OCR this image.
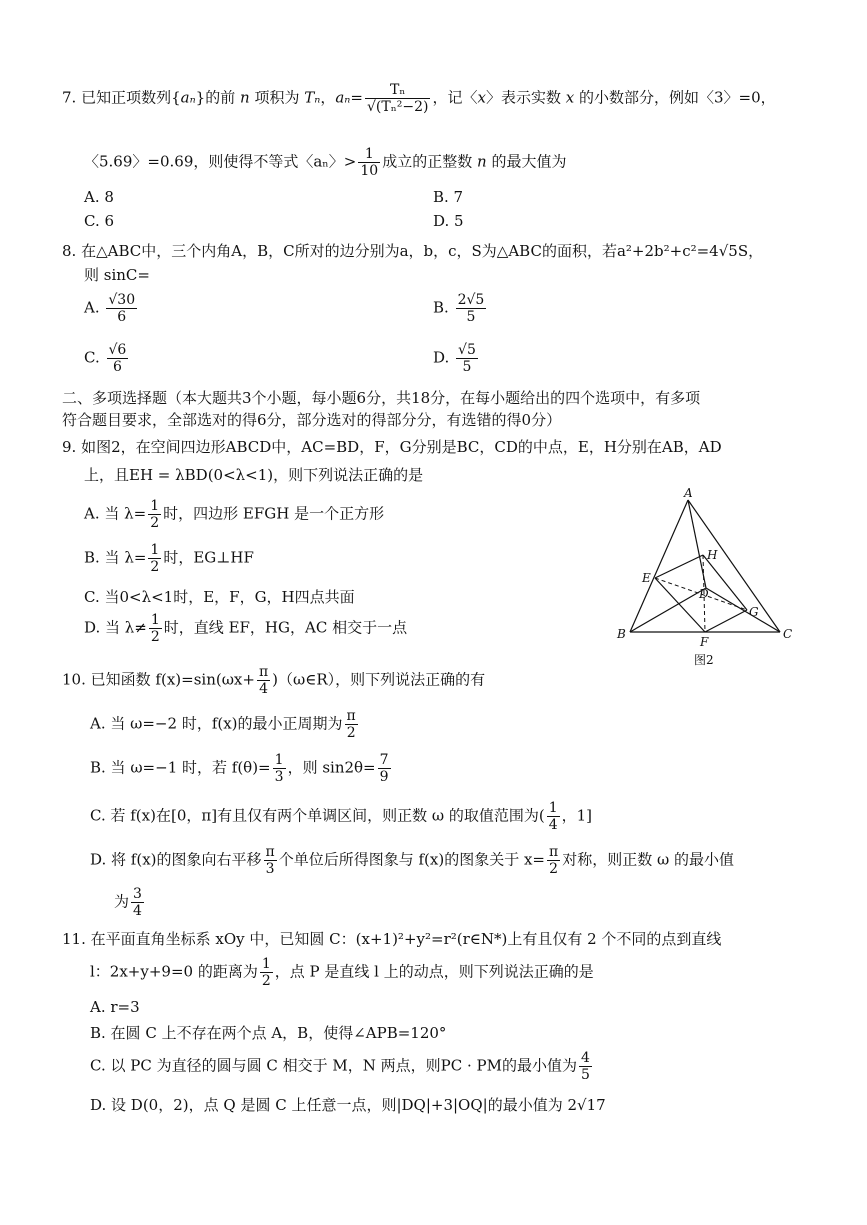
7. 已知正项数列{aₙ}的前 n 项积为 Tₙ，$a_n= \frac{\text{Tₙ}}{\text{√(Tₙ²−2)}}$ ，记〈x〉表示实数 x 的小数部分，例如〈3〉=0，
〈5.69〉=0.69，则使得不等式〈aₙ〉> $\frac{1}{10}$ 成立的正整数 n 的最大值为
A. 8	B. 7
C. 6	D. 5
8. 在△ABC中，三个内角A，B，C所对的边分别为a，b，c，S为△ABC的面积，若a²+2b²+c²=4√5S，
则 sinC=
A. $\frac{√30}{6}$	B. $\frac{2√5}{5}$
C. $\frac{√6}{6}$	D. $\frac{√5}{5}$
二、多项选择题（本大题共3个小题，每小题6分，共18分，在每小题给出的四个选项中，有多项
符合题目要求，全部选对的得6分，部分选对的得部分分，有选错的得0分）
9. 如图2，在空间四边形ABCD中，AC=BD，F，G分别是BC，CD的中点，E，H分别在AB，AD
上，且EH = λBD(0<λ<1)，则下列说法正确的是
A. 当 $\lambda= \frac{1}{2}$ 时，四边形 EFGH 是一个正方形
B. 当 $\lambda= \frac{1}{2}$ 时，EG⊥HF
C. 当0<λ<1时，E，F，G，H四点共面
D. 当 $\lambda\ne \frac{1}{2}$ 时，直线 EF，HG，AC 相交于一点
A
H
E
D
G
B
F
C
图2
10. 已知函数 $f(x)=\sin(\omega x+ \frac{\pi}{4}$ )（ω∈R），则下列说法正确的有
A. 当 ω=−2 时，f(x)的最小正周期为 $\frac{\pi}{2}$
B. 当 ω=−1 时，若 $f(\theta)= \frac{1}{3}$ ，则 $\sin 2\theta= \frac{7}{9}$
C. 若 f(x)在[0，π]有且仅有两个单调区间，则正数 ω 的取值范围为( $\frac{1}{4}$ ，1]
D. 将 f(x)的图象向右平移 $\frac{\pi}{3}$ 个单位后所得图象与 f(x)的图象关于 $x= \frac{\pi}{2}$ 对称，则正数 ω 的最小值
为 $\frac{3}{4}$
11. 在平面直角坐标系 xOy 中，已知圆 C：(x+1)²+y²=r²(r∈N*)上有且仅有 2 个不同的点到直线
l：2x+y+9=0 的距离为 $\frac{1}{2}$ ，点 P 是直线 l 上的动点，则下列说法正确的是
A. r=3
B. 在圆 C 上不存在两个点 A，B，使得∠APB=120°
C. 以 PC 为直径的圆与圆 C 相交于 M，N 两点，则PC · PM的最小值为 $\frac{4}{5}$
D. 设 D(0，2)，点 Q 是圆 C 上任意一点，则|DQ|+3|OQ|的最小值为 2√17
